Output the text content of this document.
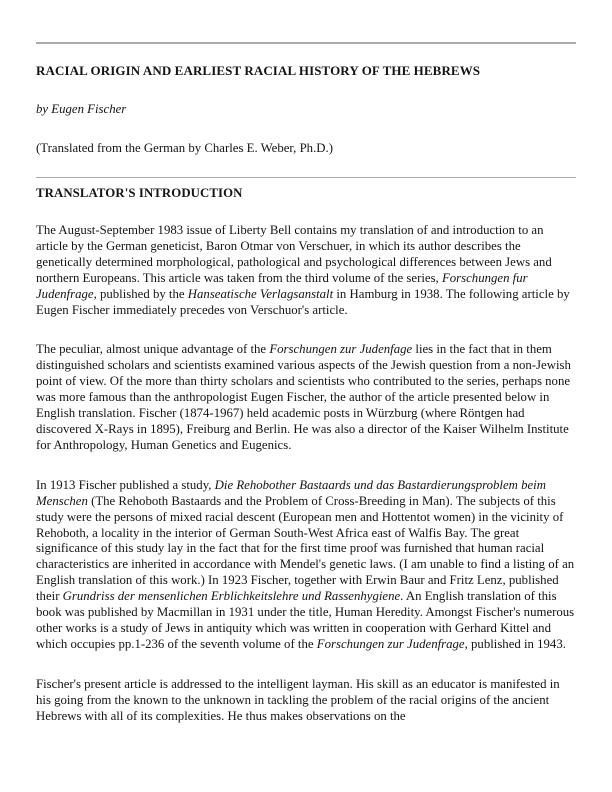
RACIAL ORIGIN AND EARLIEST RACIAL HISTORY OF THE HEBREWS

by Eugen Fischer

(Translated from the German by Charles E. Weber, Ph.D.)

TRANSLATOR'S INTRODUCTION

The August-September 1983 issue of Liberty Bell contains my translation of and introduction to an article by the German geneticist, Baron Otmar von Verschuer, in which its author describes the genetically determined morphological, pathological and psychological differences between Jews and northern Europeans. This article was taken from the third volume of the series, Forschungen fur Judenfrage, published by the Hanseatische Verlagsanstalt in Hamburg in 1938. The following article by Eugen Fischer immediately precedes von Verschuor's article.

The peculiar, almost unique advantage of the Forschungen zur Judenfage lies in the fact that in them distinguished scholars and scientists examined various aspects of the Jewish question from a non-Jewish point of view. Of the more than thirty scholars and scientists who contributed to the series, perhaps none was more famous than the anthropologist Eugen Fischer, the author of the article presented below in English translation. Fischer (1874-1967) held academic posts in Würzburg (where Röntgen had discovered X-Rays in 1895), Freiburg and Berlin. He was also a director of the Kaiser Wilhelm Institute for Anthropology, Human Genetics and Eugenics.

In 1913 Fischer published a study, Die Rehobother Bastaards und das Bastardierungsproblem beim Menschen (The Rehoboth Bastaards and the Problem of Cross-Breeding in Man). The subjects of this study were the persons of mixed racial descent (European men and Hottentot women) in the vicinity of Rehoboth, a locality in the interior of German South-West Africa east of Walfis Bay. The great significance of this study lay in the fact that for the first time proof was furnished that human racial characteristics are inherited in accordance with Mendel's genetic laws. (I am unable to find a listing of an English translation of this work.) In 1923 Fischer, together with Erwin Baur and Fritz Lenz, published their Grundriss der mensenlichen Erblichkeitslehre und Rassenhygiene. An English translation of this book was published by Macmillan in 1931 under the title, Human Heredity. Amongst Fischer's numerous other works is a study of Jews in antiquity which was written in cooperation with Gerhard Kittel and which occupies pp.1-236 of the seventh volume of the Forschungen zur Judenfrage, published in 1943.

Fischer's present article is addressed to the intelligent layman. His skill as an educator is manifested in his going from the known to the unknown in tackling the problem of the racial origins of the ancient Hebrews with all of its complexities. He thus makes observations on the
